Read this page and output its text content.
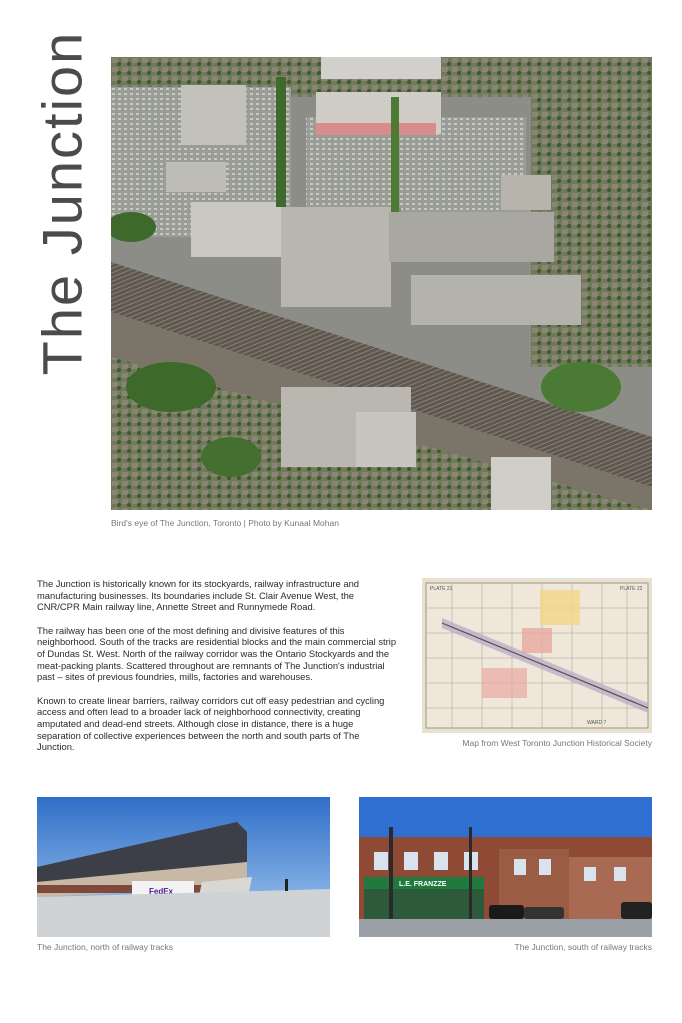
The Junction
Bird's eye of The Junction, Toronto | Photo by Kunaal Mohan

The Junction is historically known for its stockyards, railway infrastructure and manufacturing businesses. Its boundaries include St. Clair Avenue West, the CNR/CPR Main railway line, Annette Street and Runnymede Road.

The railway has been one of the most defining and divisive features of this neighborhood. South of the tracks are residential blocks and the main commercial strip of Dundas St. West. North of the railway corridor was the Ontario Stockyards and the meat-packing plants. Scattered throughout are remnants of The Junction's industrial past – sites of previous foundries, mills, factories and warehouses.

Known to create linear barriers, railway corridors cut off easy pedestrian and cycling access and often lead to a broader lack of neighborhood connectivity, creating amputated and dead-end streets. Although close in distance, there is a huge separation of collective experiences between the north and south parts of The Junction.

PLATE 21	PLATE 22
WARD 7
Map from West Toronto Junction Historical Society
FedEx
The Junction, north of railway tracks
L.E. FRANZZE
The Junction, south of railway tracks
